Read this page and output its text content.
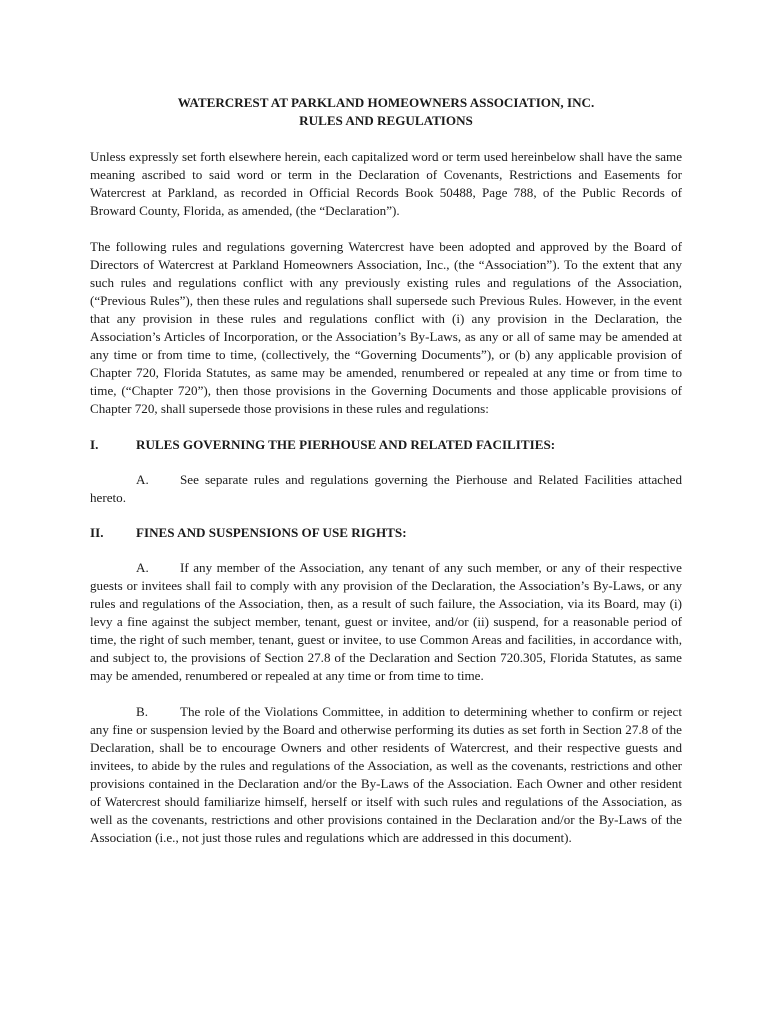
WATERCREST AT PARKLAND HOMEOWNERS ASSOCIATION, INC.

RULES AND REGULATIONS

Unless expressly set forth elsewhere herein, each capitalized word or term used hereinbelow shall have the same meaning ascribed to said word or term in the Declaration of Covenants, Restrictions and Easements for Watercrest at Parkland, as recorded in Official Records Book 50488, Page 788, of the Public Records of Broward County, Florida, as amended, (the “Declaration”).

The following rules and regulations governing Watercrest have been adopted and approved by the Board of Directors of Watercrest at Parkland Homeowners Association, Inc., (the “Association”). To the extent that any such rules and regulations conflict with any previously existing rules and regulations of the Association, (“Previous Rules”), then these rules and regulations shall supersede such Previous Rules. However, in the event that any provision in these rules and regulations conflict with (i) any provision in the Declaration, the Association’s Articles of Incorporation, or the Association’s By-Laws, as any or all of same may be amended at any time or from time to time, (collectively, the “Governing Documents”), or (b) any applicable provision of Chapter 720, Florida Statutes, as same may be amended, renumbered or repealed at any time or from time to time, (“Chapter 720”), then those provisions in the Governing Documents and those applicable provisions of Chapter 720, shall supersede those provisions in these rules and regulations:

I.	RULES GOVERNING THE PIERHOUSE AND RELATED FACILITIES:

A. See separate rules and regulations governing the Pierhouse and Related Facilities attached hereto.

II.	FINES AND SUSPENSIONS OF USE RIGHTS:

A. If any member of the Association, any tenant of any such member, or any of their respective guests or invitees shall fail to comply with any provision of the Declaration, the Association’s By-Laws, or any rules and regulations of the Association, then, as a result of such failure, the Association, via its Board, may (i) levy a fine against the subject member, tenant, guest or invitee, and/or (ii) suspend, for a reasonable period of time, the right of such member, tenant, guest or invitee, to use Common Areas and facilities, in accordance with, and subject to, the provisions of Section 27.8 of the Declaration and Section 720.305, Florida Statutes, as same may be amended, renumbered or repealed at any time or from time to time.

B. The role of the Violations Committee, in addition to determining whether to confirm or reject any fine or suspension levied by the Board and otherwise performing its duties as set forth in Section 27.8 of the Declaration, shall be to encourage Owners and other residents of Watercrest, and their respective guests and invitees, to abide by the rules and regulations of the Association, as well as the covenants, restrictions and other provisions contained in the Declaration and/or the By-Laws of the Association. Each Owner and other resident of Watercrest should familiarize himself, herself or itself with such rules and regulations of the Association, as well as the covenants, restrictions and other provisions contained in the Declaration and/or the By-Laws of the Association (i.e., not just those rules and regulations which are addressed in this document).
